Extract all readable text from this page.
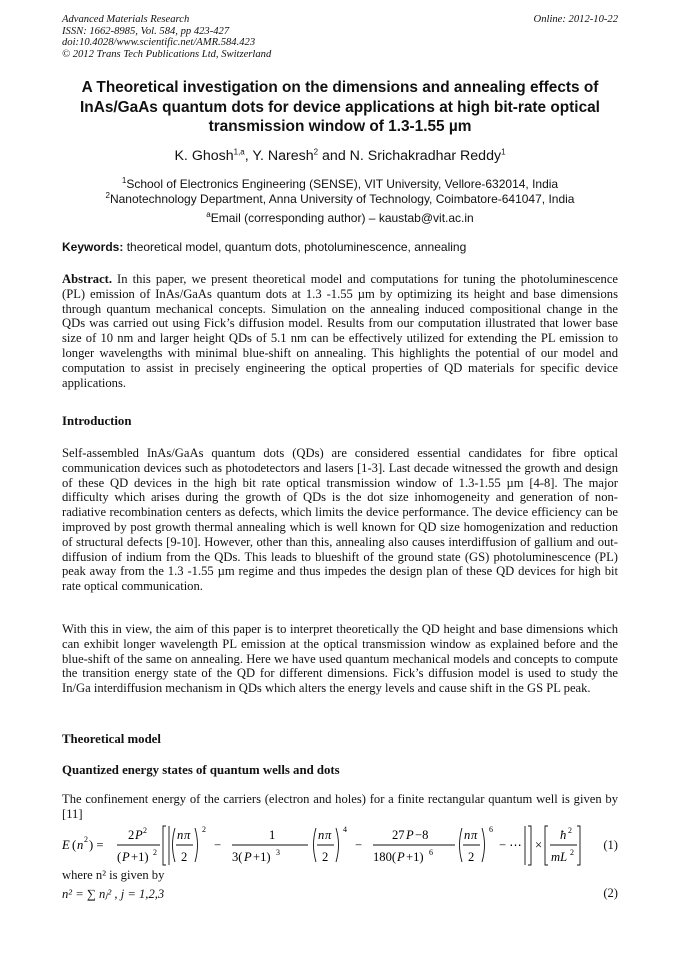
Advanced Materials Research
ISSN: 1662-8985, Vol. 584, pp 423-427
doi:10.4028/www.scientific.net/AMR.584.423
© 2012 Trans Tech Publications Ltd, Switzerland
Online: 2012-10-22
A Theoretical investigation on the dimensions and annealing effects of
InAs/GaAs quantum dots for device applications at high bit-rate optical
transmission window of 1.3-1.55 µm
K. Ghosh$^{1,a}$, Y. Naresh$^2$ and N. Srichakradhar Reddy$^1$
$^1$School of Electronics Engineering (SENSE), VIT University, Vellore-632014, India
$^2$Nanotechnology Department, Anna University of Technology, Coimbatore-641047, India
$^a$Email (corresponding author) – kaustab@vit.ac.in
Keywords: theoretical model, quantum dots, photoluminescence, annealing

Abstract. In this paper, we present theoretical model and computations for tuning the photoluminescence (PL) emission of InAs/GaAs quantum dots at 1.3 -1.55 µm by optimizing its height and base dimensions through quantum mechanical concepts. Simulation on the annealing induced compositional change in the QDs was carried out using Fick’s diffusion model. Results from our computation illustrated that lower base size of 10 nm and larger height QDs of 5.1 nm can be effectively utilized for extending the PL emission to longer wavelengths with minimal blue-shift on annealing. This highlights the potential of our model and computation to assist in precisely engineering the optical properties of QD materials for specific device applications.

Introduction

Self-assembled InAs/GaAs quantum dots (QDs) are considered essential candidates for fibre optical communication devices such as photodetectors and lasers [1-3]. Last decade witnessed the growth and design of these QD devices in the high bit rate optical transmission window of 1.3-1.55 µm [4-8]. The major difficulty which arises during the growth of QDs is the dot size inhomogeneity and generation of non-radiative recombination centers as defects, which limits the device performance. The device efficiency can be improved by post growth thermal annealing which is well known for QD size homogenization and reduction of structural defects [9-10]. However, other than this, annealing also causes interdiffusion of gallium and out-diffusion of indium from the QDs. This leads to blueshift of the ground state (GS) photoluminescence (PL) peak away from the 1.3 -1.55 µm regime and thus impedes the design plan of these QD devices for high bit rate optical communication.

With this in view, the aim of this paper is to interpret theoretically the QD height and base dimensions which can exhibit longer wavelength PL emission at the optical transmission window as explained before and the blue-shift of the same on annealing. Here we have used quantum mechanical models and concepts to compute the transition energy state of the QD for different dimensions. Fick’s diffusion model is used to study the In/Ga interdiffusion mechanism in QDs which alters the energy levels and cause shift in the GS PL peak.

Theoretical model
Quantized energy states of quantum wells and dots

The confinement energy of the carriers (electron and holes) for a finite rectangular quantum well is given by [11]

E ( n 2 ) =
2 P 2
( P +1) 2
n π
2
2
−
1
3( P +1) 3
n π
2
4
−
27 P −8
180( P +1) 6
n π
2
6
− ⋯ ×
ħ 2
mL 2
(1)
where n² is given by
n² = ∑ nⱼ² , j = 1,2,3	(2)
